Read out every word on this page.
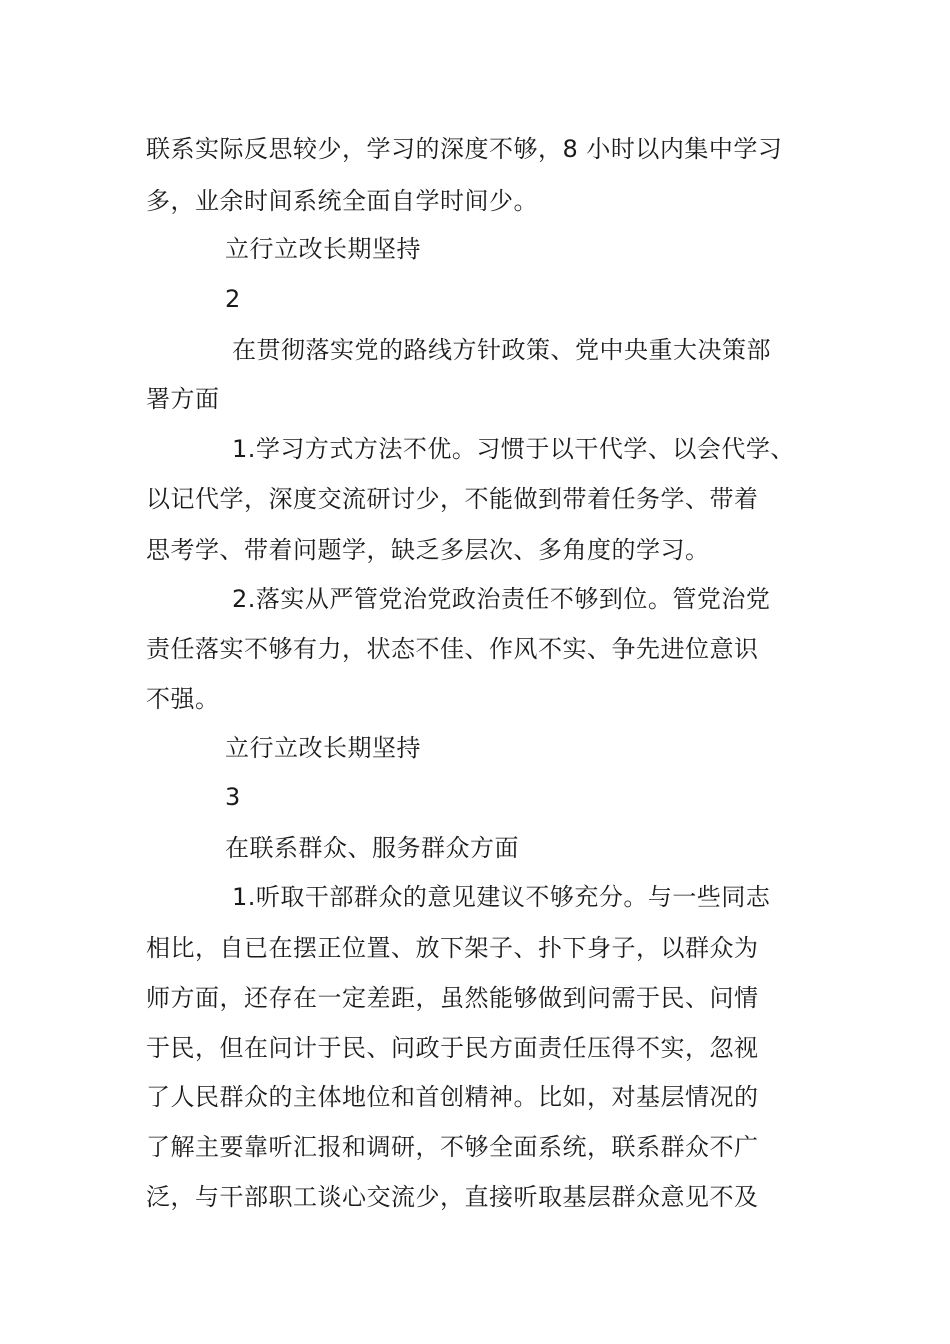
联系实际反思较少，学习的深度不够，8 小时以内集中学习
多，业余时间系统全面自学时间少。
立行立改长期坚持
2
在贯彻落实党的路线方针政策、党中央重大决策部
署方面
1.学习方式方法不优。习惯于以干代学、以会代学、
以记代学，深度交流研讨少，不能做到带着任务学、带着
思考学、带着问题学，缺乏多层次、多角度的学习。
2.落实从严管党治党政治责任不够到位。管党治党
责任落实不够有力，状态不佳、作风不实、争先进位意识
不强。
立行立改长期坚持
3
在联系群众、服务群众方面
1.听取干部群众的意见建议不够充分。与一些同志
相比，自已在摆正位置、放下架子、扑下身子，以群众为
师方面，还存在一定差距，虽然能够做到问需于民、问情
于民，但在问计于民、问政于民方面责任压得不实，忽视
了人民群众的主体地位和首创精神。比如，对基层情况的
了解主要靠听汇报和调研，不够全面系统，联系群众不广
泛，与干部职工谈心交流少，直接听取基层群众意见不及
